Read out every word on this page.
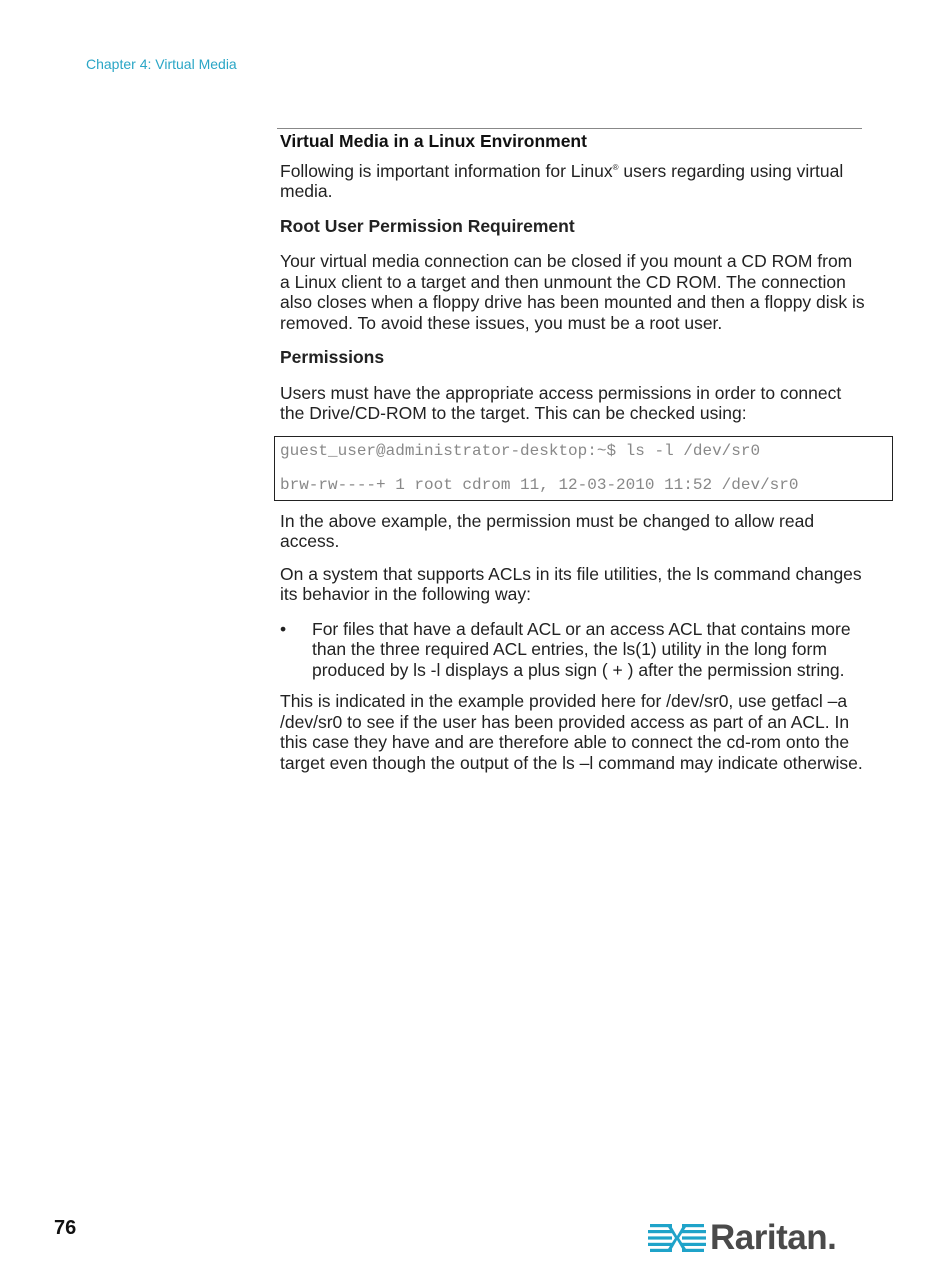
Chapter 4: Virtual Media
Virtual Media in a Linux Environment

Following is important information for Linux® users regarding using virtual media.

Root User Permission Requirement

Your virtual media connection can be closed if you mount a CD ROM from a Linux client to a target and then unmount the CD ROM. The connection also closes when a floppy drive has been mounted and then a floppy disk is removed. To avoid these issues, you must be a root user.

Permissions

Users must have the appropriate access permissions in order to connect the Drive/CD-ROM to the target. This can be checked using:

guest_user@administrator-desktop:~$ ls -l /dev/sr0
brw-rw----+ 1 root cdrom 11, 12-03-2010 11:52 /dev/sr0

In the above example, the permission must be changed to allow read access.

On a system that supports ACLs in its file utilities, the ls command changes its behavior in the following way:

• For files that have a default ACL or an access ACL that contains more than the three required ACL entries, the ls(1) utility in the long form produced by ls -l displays a plus sign ( + ) after the permission string.

This is indicated in the example provided here for /dev/sr0, use getfacl –a /dev/sr0 to see if the user has been provided access as part of an ACL. In this case they have and are therefore able to connect the cd-rom onto the target even though the output of the ls –l command may indicate otherwise.

76	Raritan.
